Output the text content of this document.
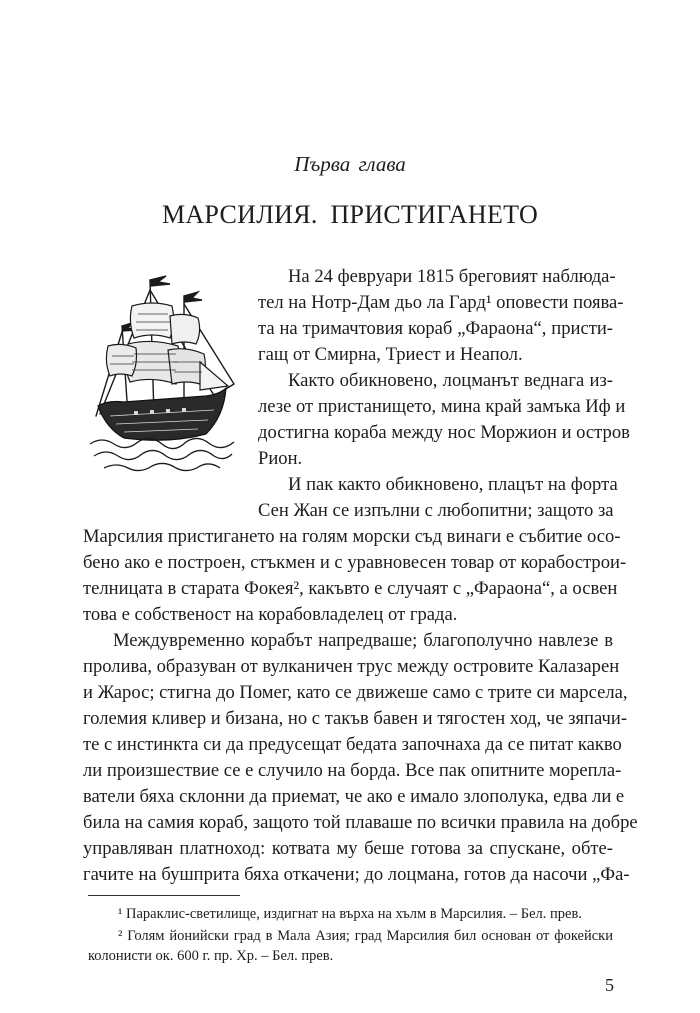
Първа глава
МАРСИЛИЯ. ПРИСТИГАНЕТО
На 24 февруари 1815 бреговият наблюда-
тел на Нотр-Дам дьо ла Гард¹ оповести поява-
та на тримачтовия кораб „Фараона“, присти-
гащ от Смирна, Триест и Неапол.
Както обикновено, лоцманът веднага из-
лезе от пристанището, мина край замъка Иф и
достигна кораба между нос Моржион и остров
Рион.
И пак както обикновено, плацът на форта
Сен Жан се изпълни с любопитни; защото за
Марсилия пристигането на голям морски съд винаги е събитие осо-
бено ако е построен, стъкмен и с уравновесен товар от корабострои-
телницата в старата Фокея², какъвто е случаят с „Фараона“, а освен
това е собственост на корабовладелец от града.
Междувременно корабът напредваше; благополучно навлезе в
пролива, образуван от вулканичен трус между островите Калазарен
и Жарос; стигна до Помег, като се движеше само с трите си марсела,
големия кливер и бизана, но с такъв бавен и тягостен ход, че зяпачи-
те с инстинкта си да предусещат бедата започнаха да се питат какво
ли произшествие се е случило на борда. Все пак опитните морепла-
ватели бяха склонни да приемат, че ако е имало злополука, едва ли е
била на самия кораб, защото той плаваше по всички правила на добре
управляван платноход: котвата му беше готова за спускане, обте-
гачите на бушприта бяха откачени; до лоцмана, готов да насочи „Фа-
¹ Параклис-светилище, издигнат на върха на хълм в Марсилия. – Бел. прев.
² Голям йонийски град в Мала Азия; град Марсилия бил основан от фокейски
колонисти ок. 600 г. пр. Хр. – Бел. прев.
5
